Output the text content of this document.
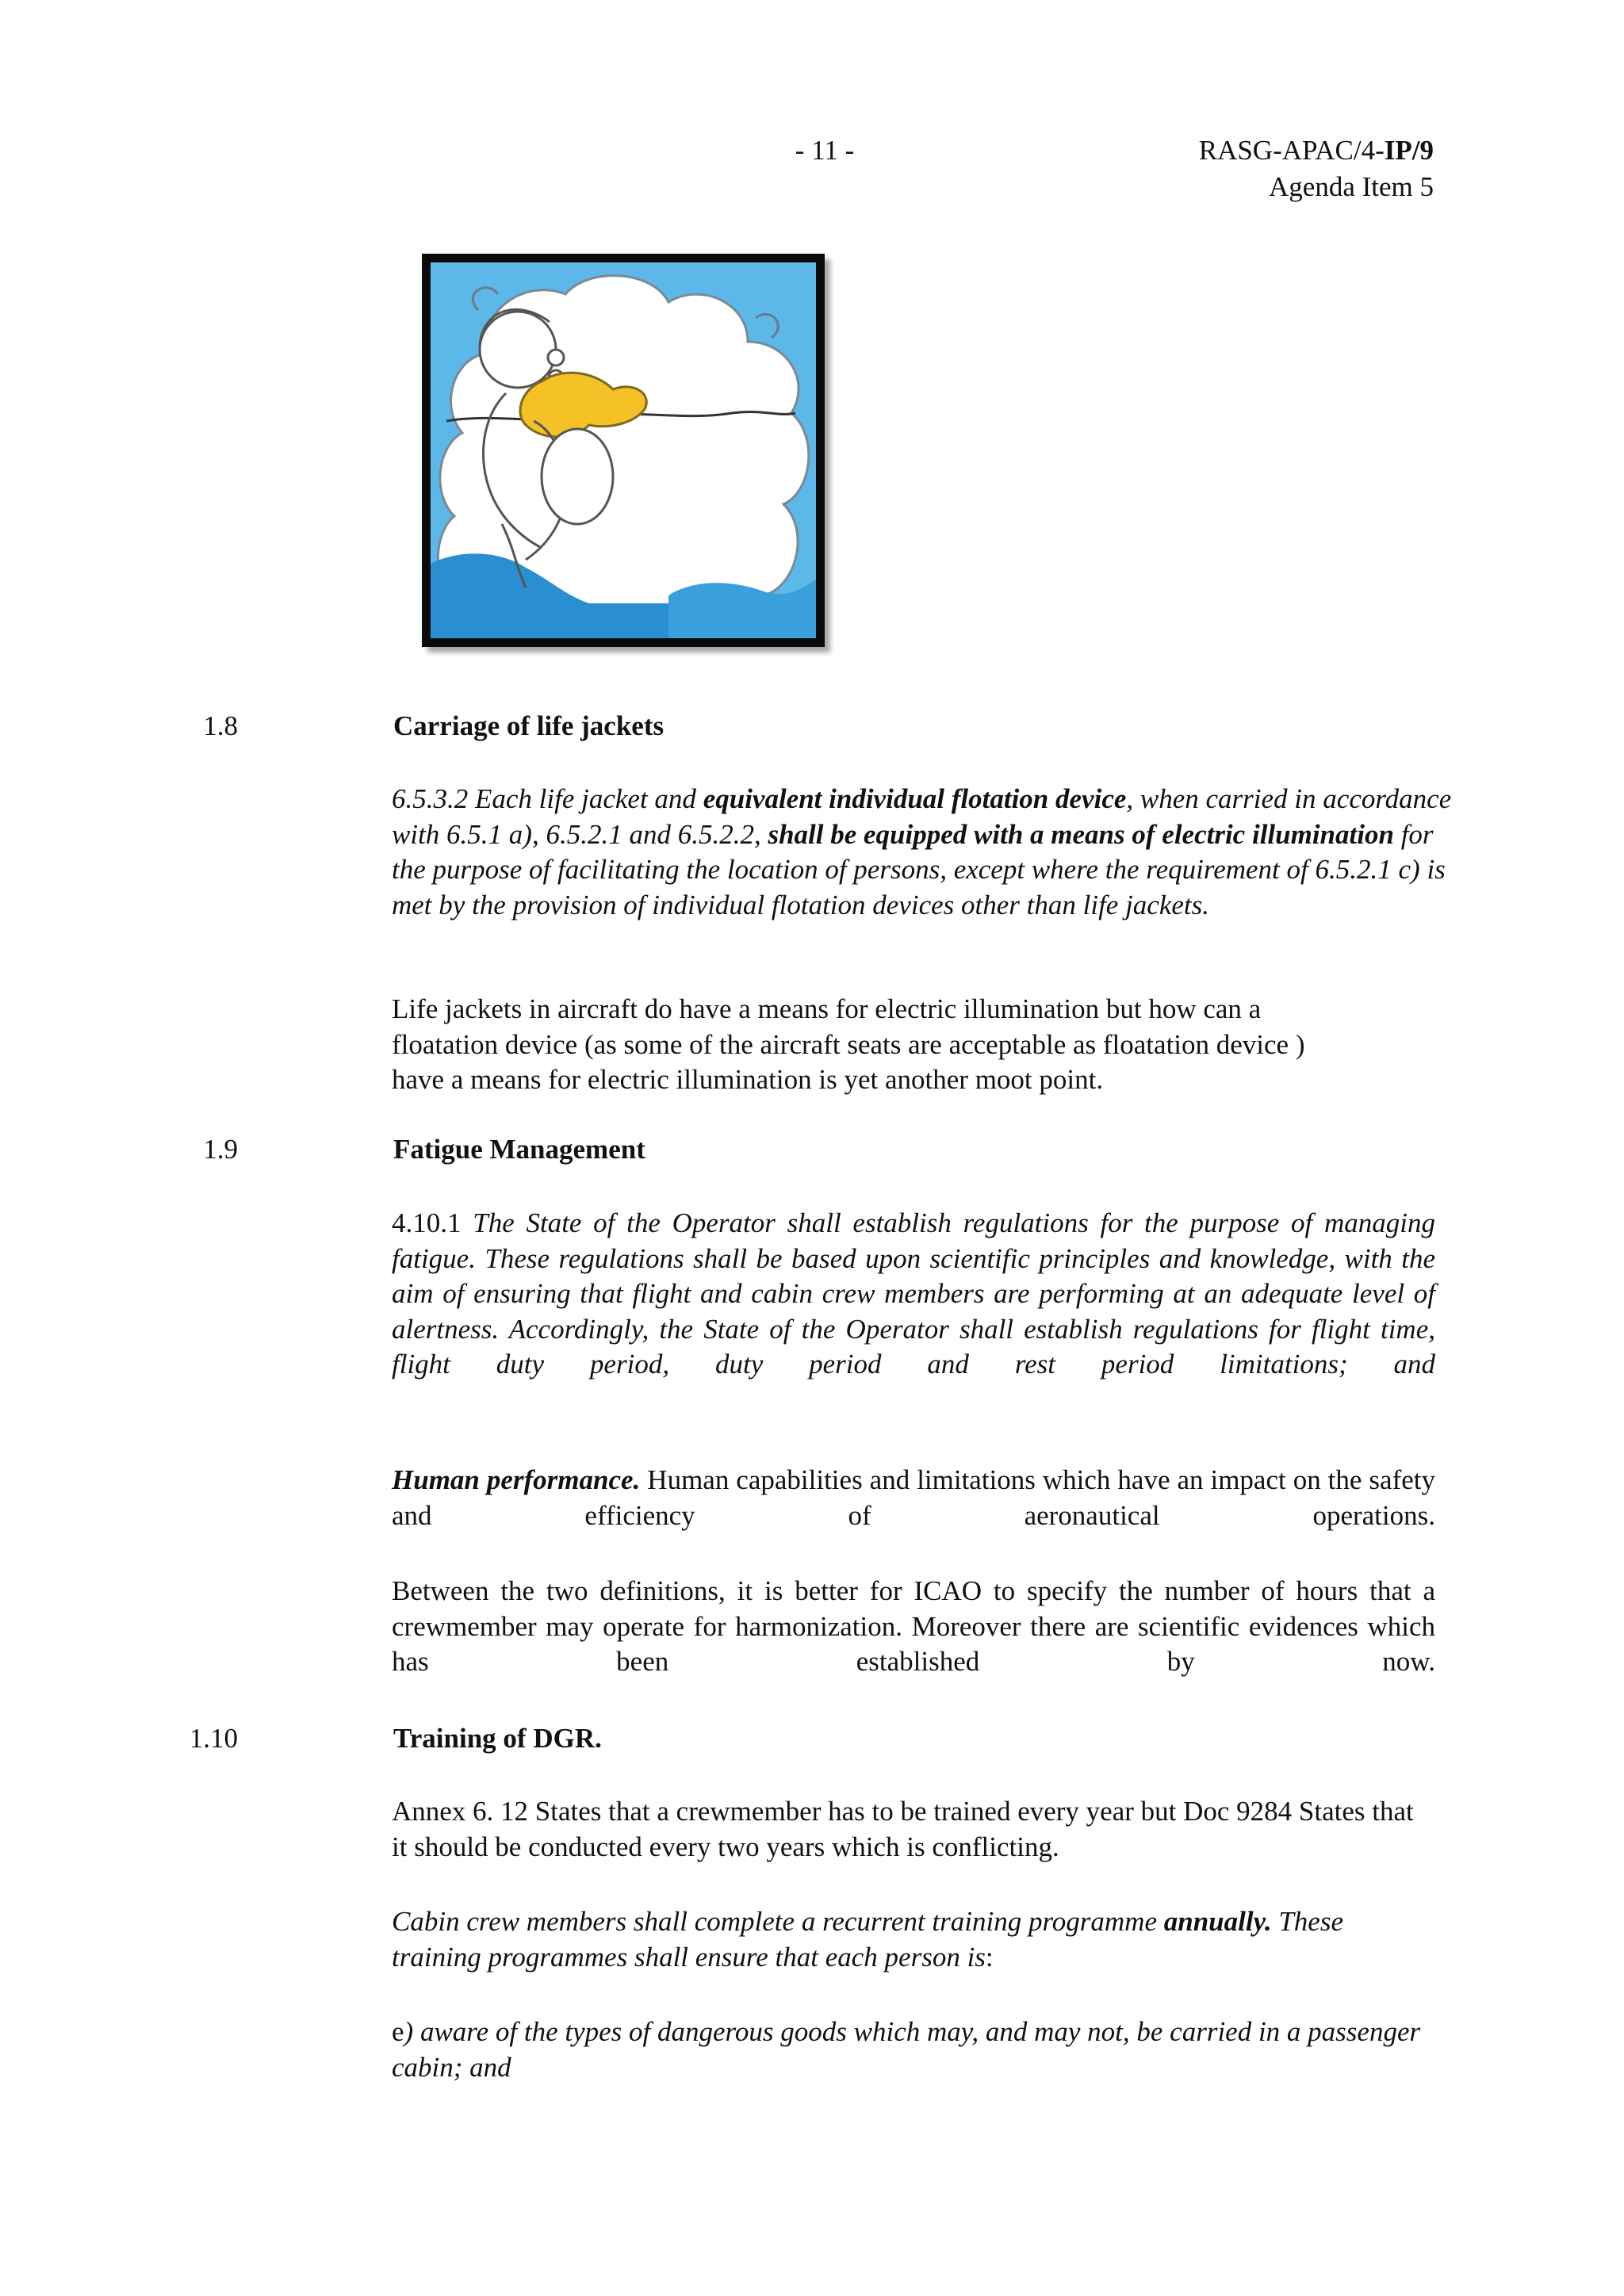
- 11 -	RASG-APAC/4-IP/9
Agenda Item 5
1.8	Carriage of life jackets
6.5.3.2 Each life jacket and equivalent individual flotation device, when carried in accordance with 6.5.1 a), 6.5.2.1 and 6.5.2.2, shall be equipped with a means of electric illumination for the purpose of facilitating the location of persons, except where the requirement of 6.5.2.1 c) is met by the provision of individual flotation devices other than life jackets.
Life jackets in aircraft do have a means for electric illumination but how can a
floatation device (as some of the aircraft seats are acceptable as floatation device )
have a means for electric illumination is yet another moot point.
1.9	Fatigue Management
4.10.1 The State of the Operator shall establish regulations for the purpose of managing fatigue. These regulations shall be based upon scientific principles and knowledge, with the aim of ensuring that flight and cabin crew members are performing at an adequate level of alertness. Accordingly, the State of the Operator shall establish regulations for flight time, flight duty period, duty period and rest period limitations; and
Human performance. Human capabilities and limitations which have an impact on the safety and efficiency of aeronautical operations.
Between the two definitions, it is better for ICAO to specify the number of hours that a crewmember may operate for harmonization. Moreover there are scientific evidences which has been established by now.
1.10	Training of DGR.
Annex 6. 12 States that a crewmember has to be trained every year but Doc 9284 States that it should be conducted every two years which is conflicting.
Cabin crew members shall complete a recurrent training programme annually. These training programmes shall ensure that each person is:
e) aware of the types of dangerous goods which may, and may not, be carried in a passenger cabin; and
